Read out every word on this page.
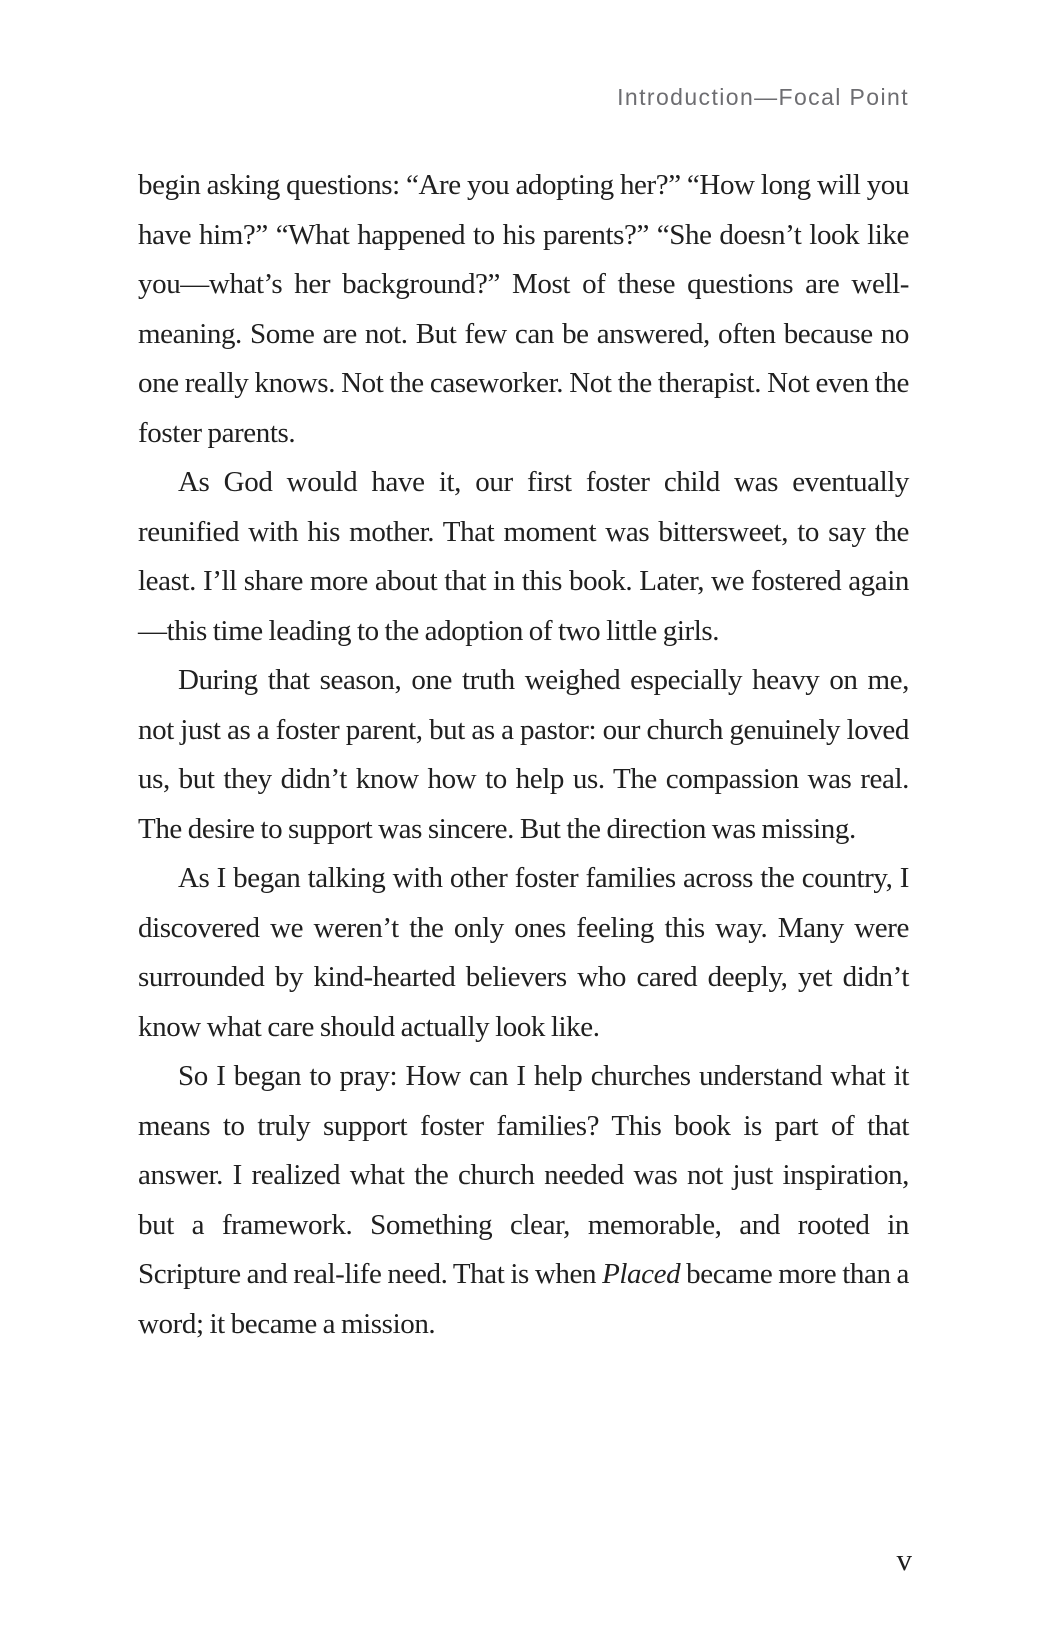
Introduction—Focal Point

begin asking questions: “Are you adopting her?” “How long will you have him?” “What happened to his parents?” “She doesn’t look like you—what’s her background?” Most of these questions are well-meaning. Some are not. But few can be answered, often because no one really knows. Not the caseworker. Not the therapist. Not even the foster parents.

As God would have it, our first foster child was eventually reunified with his mother. That moment was bittersweet, to say the least. I’ll share more about that in this book. Later, we fostered again—this time leading to the adoption of two little girls.

During that season, one truth weighed especially heavy on me, not just as a foster parent, but as a pastor: our church genuinely loved us, but they didn’t know how to help us. The compassion was real. The desire to support was sincere. But the direction was missing.

As I began talking with other foster families across the country, I discovered we weren’t the only ones feeling this way. Many were surrounded by kind-hearted believers who cared deeply, yet didn’t know what care should actually look like.

So I began to pray: How can I help churches understand what it means to truly support foster families? This book is part of that answer. I realized what the church needed was not just inspiration, but a framework. Something clear, memorable, and rooted in Scripture and real-life need. That is when Placed became more than a word; it became a mission.

v
